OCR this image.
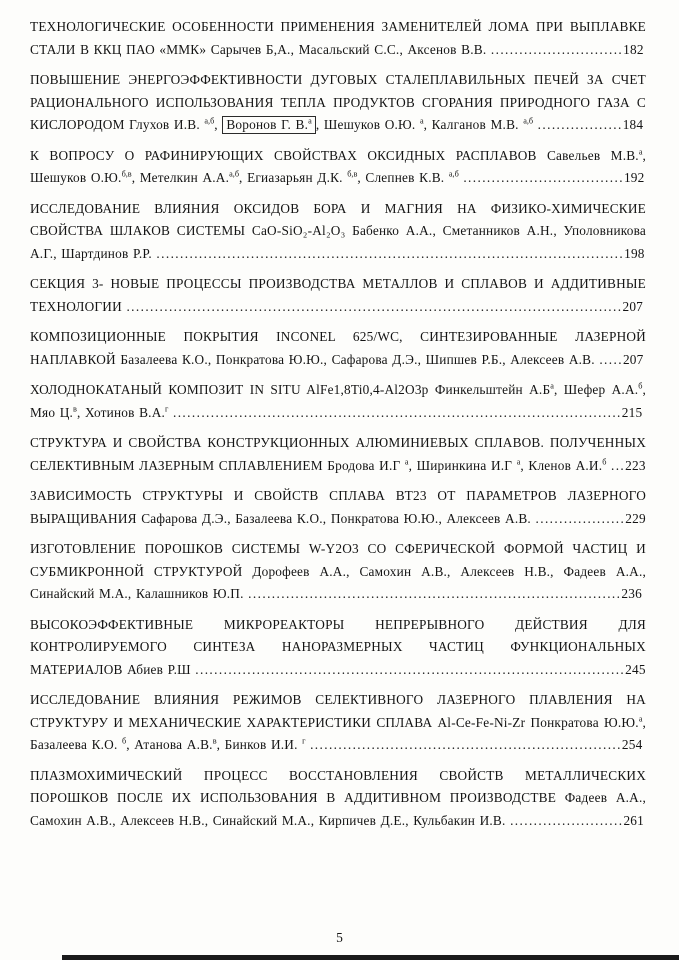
ТЕХНОЛОГИЧЕСКИЕ ОСОБЕННОСТИ ПРИМЕНЕНИЯ ЗАМЕНИТЕЛЕЙ ЛОМА ПРИ ВЫПЛАВКЕ СТАЛИ В ККЦ ПАО «ММК» Сарычев Б,А., Масальский С.С., Аксенов В.В. ............................182

ПОВЫШЕНИЕ ЭНЕРГОЭФФЕКТИВНОСТИ ДУГОВЫХ СТАЛЕПЛАВИЛЬНЫХ ПЕЧЕЙ ЗА СЧЕТ РАЦИОНАЛЬНОГО ИСПОЛЬЗОВАНИЯ ТЕПЛА ПРОДУКТОВ СГОРАНИЯ ПРИРОДНОГО ГАЗА С КИСЛОРОДОМ Глухов И.В. $^{а,б}$, Воронов Г. В.$^а$ , Шешуков О.Ю. $^а$, Калганов М.В. $^{а,б}$ ..................184

К ВОПРОСУ О РАФИНИРУЮЩИХ СВОЙСТВАХ ОКСИДНЫХ РАСПЛАВОВ Савельев М.В.$^а$, Шешуков О.Ю.$^{б,в}$, Метелкин А.А.$^{а,б}$, Егиазарьян Д.К. $^{б,в}$, Слепнев К.В. $^{а,б}$ ..................................192

ИССЛЕДОВАНИЕ ВЛИЯНИЯ ОКСИДОВ БОРА И МАГНИЯ НА ФИЗИКО-ХИМИЧЕСКИЕ СВОЙСТВА ШЛАКОВ СИСТЕМЫ CaO-SiO₂-Al₂O₃ Бабенко А.А., Сметанников А.Н., Уполовникова А.Г., Шартдинов Р.Р. ...................................................................................................198

СЕКЦИЯ 3- НОВЫЕ ПРОЦЕССЫ ПРОИЗВОДСТВА МЕТАЛЛОВ И СПЛАВОВ И АДДИТИВНЫЕ ТЕХНОЛОГИИ .........................................................................................................207

КОМПОЗИЦИОННЫЕ ПОКРЫТИЯ INCONEL 625/WC, СИНТЕЗИРОВАННЫЕ ЛАЗЕРНОЙ НАПЛАВКОЙ Базалеева К.О., Понкратова Ю.Ю., Сафарова Д.Э., Шипшев Р.Б., Алексеев А.В. .....207

ХОЛОДНОКАТАНЫЙ КОМПОЗИТ IN SITU AlFe1,8Ti0,4-Al2O3р Финкельштейн $А.Б^а$, Шефер А.А.$^б$, Мяо Ц.$^в$, Хотинов В.А.$^г$ ...............................................................................................215

СТРУКТУРА И СВОЙСТВА КОНСТРУКЦИОННЫХ АЛЮМИНИЕВЫХ СПЛАВОВ. ПОЛУЧЕННЫХ СЕЛЕКТИВНЫМ ЛАЗЕРНЫМ СПЛАВЛЕНИЕМ Бродова И.Г $^а$, Ширинкина И.Г $^а$, Кленов А.И.$^б$ ...223

ЗАВИСИМОСТЬ СТРУКТУРЫ И СВОЙСТВ СПЛАВА ВТ23 ОТ ПАРАМЕТРОВ ЛАЗЕРНОГО ВЫРАЩИВАНИЯ Сафарова Д.Э., Базалеева К.О., Понкратова Ю.Ю., Алексеев А.В. ...................229

ИЗГОТОВЛЕНИЕ ПОРОШКОВ СИСТЕМЫ W-Y2O3 СО СФЕРИЧЕСКОЙ ФОРМОЙ ЧАСТИЦ И СУБМИКРОННОЙ СТРУКТУРОЙ Дорофеев А.А., Самохин А.В., Алексеев Н.В., Фадеев А.А., Синайский М.А., Калашников Ю.П. ...............................................................................236

ВЫСОКОЭФФЕКТИВНЫЕ МИКРОРЕАКТОРЫ НЕПРЕРЫВНОГО ДЕЙСТВИЯ ДЛЯ КОНТРОЛИРУЕМОГО СИНТЕЗА НАНОРАЗМЕРНЫХ ЧАСТИЦ ФУНКЦИОНАЛЬНЫХ МАТЕРИАЛОВ Абиев Р.Ш ...........................................................................................245

ИССЛЕДОВАНИЕ ВЛИЯНИЯ РЕЖИМОВ СЕЛЕКТИВНОГО ЛАЗЕРНОГО ПЛАВЛЕНИЯ НА СТРУКТУРУ И МЕХАНИЧЕСКИЕ ХАРАКТЕРИСТИКИ СПЛАВА Al-Ce-Fe-Ni-Zr Понкратова Ю.Ю.$^а$, Базалеева К.О. $^б$, Атанова А.В.$^в$, Бинков И.И. $^г$ ..................................................................254

ПЛАЗМОХИМИЧЕСКИЙ ПРОЦЕСС ВОССТАНОВЛЕНИЯ СВОЙСТВ МЕТАЛЛИЧЕСКИХ ПОРОШКОВ ПОСЛЕ ИХ ИСПОЛЬЗОВАНИЯ В АДДИТИВНОМ ПРОИЗВОДСТВЕ Фадеев А.А., Самохин А.В., Алексеев Н.В., Синайский М.А., Кирпичев Д.Е., Кульбакин И.В. ........................261

5
